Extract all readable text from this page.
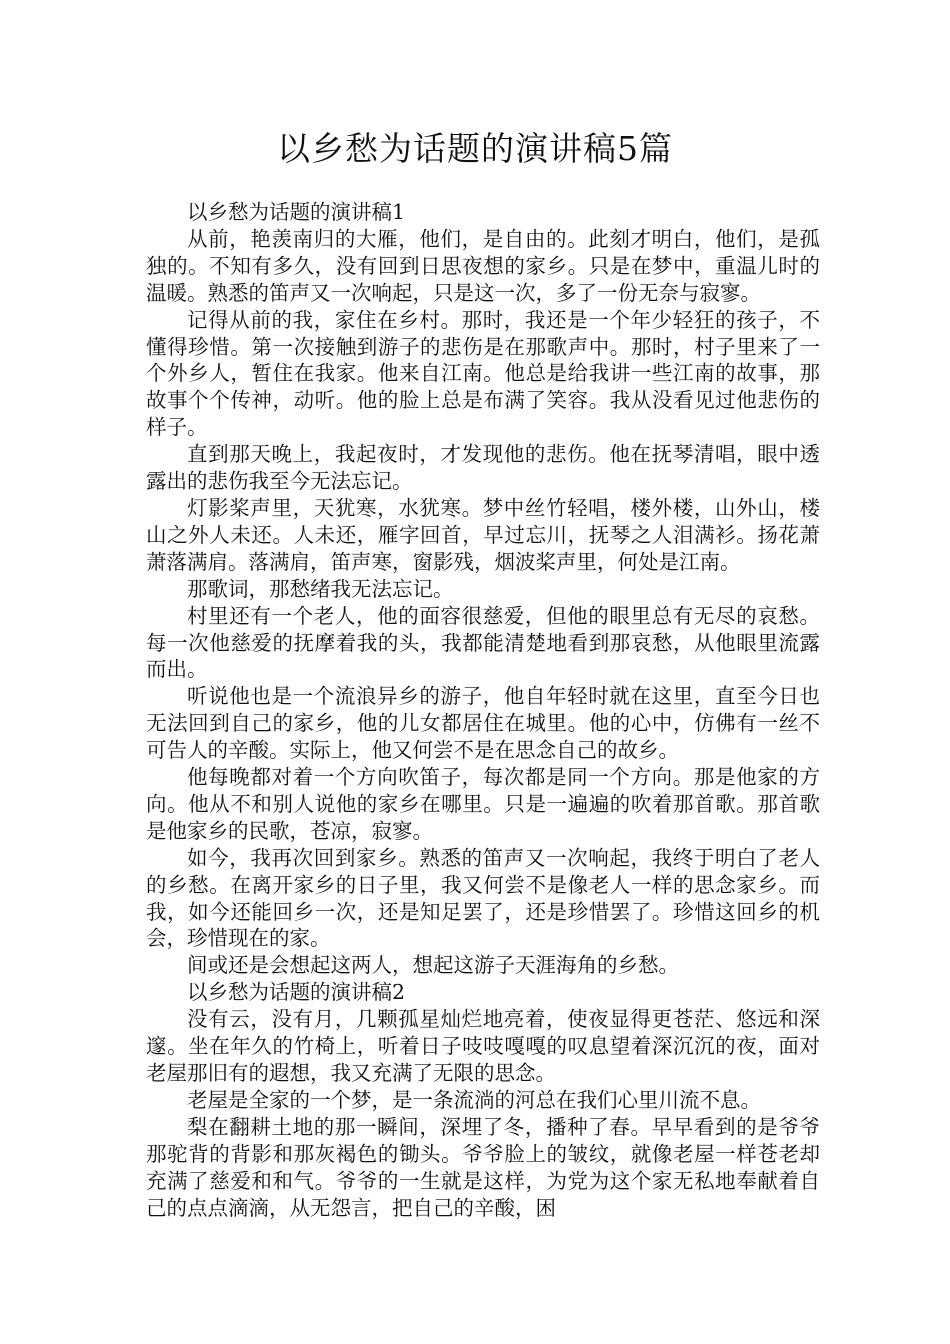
以乡愁为话题的演讲稿5篇

以乡愁为话题的演讲稿1

从前，艳羡南归的大雁，他们，是自由的。此刻才明白，他们，是孤独的。不知有多久，没有回到日思夜想的家乡。只是在梦中，重温儿时的温暖。熟悉的笛声又一次响起，只是这一次，多了一份无奈与寂寥。

记得从前的我，家住在乡村。那时，我还是一个年少轻狂的孩子，不懂得珍惜。第一次接触到游子的悲伤是在那歌声中。那时，村子里来了一个外乡人，暂住在我家。他来自江南。他总是给我讲一些江南的故事，那故事个个传神，动听。他的脸上总是布满了笑容。我从没看见过他悲伤的样子。

直到那天晚上，我起夜时，才发现他的悲伤。他在抚琴清唱，眼中透露出的悲伤我至今无法忘记。

灯影桨声里，天犹寒，水犹寒。梦中丝竹轻唱，楼外楼，山外山，楼山之外人未还。人未还，雁字回首，早过忘川，抚琴之人泪满衫。扬花萧萧落满肩。落满肩，笛声寒，窗影残，烟波桨声里，何处是江南。

那歌词，那愁绪我无法忘记。

村里还有一个老人，他的面容很慈爱，但他的眼里总有无尽的哀愁。每一次他慈爱的抚摩着我的头，我都能清楚地看到那哀愁，从他眼里流露而出。

听说他也是一个流浪异乡的游子，他自年轻时就在这里，直至今日也无法回到自己的家乡，他的儿女都居住在城里。他的心中，仿佛有一丝不可告人的辛酸。实际上，他又何尝不是在思念自己的故乡。

他每晚都对着一个方向吹笛子，每次都是同一个方向。那是他家的方向。他从不和别人说他的家乡在哪里。只是一遍遍的吹着那首歌。那首歌是他家乡的民歌，苍凉，寂寥。

如今，我再次回到家乡。熟悉的笛声又一次响起，我终于明白了老人的乡愁。在离开家乡的日子里，我又何尝不是像老人一样的思念家乡。而我，如今还能回乡一次，还是知足罢了，还是珍惜罢了。珍惜这回乡的机会，珍惜现在的家。

间或还是会想起这两人，想起这游子天涯海角的乡愁。

以乡愁为话题的演讲稿2

没有云，没有月，几颗孤星灿烂地亮着，使夜显得更苍茫、悠远和深邃。坐在年久的竹椅上，听着日子吱吱嘎嘎的叹息望着深沉沉的夜，面对老屋那旧有的遐想，我又充满了无限的思念。

老屋是全家的一个梦，是一条流淌的河总在我们心里川流不息。

梨在翻耕土地的那一瞬间，深埋了冬，播种了春。早早看到的是爷爷那驼背的背影和那灰褐色的锄头。爷爷脸上的皱纹，就像老屋一样苍老却充满了慈爱和和气。爷爷的一生就是这样，为党为这个家无私地奉献着自己的点点滴滴，从无怨言，把自己的辛酸，困
